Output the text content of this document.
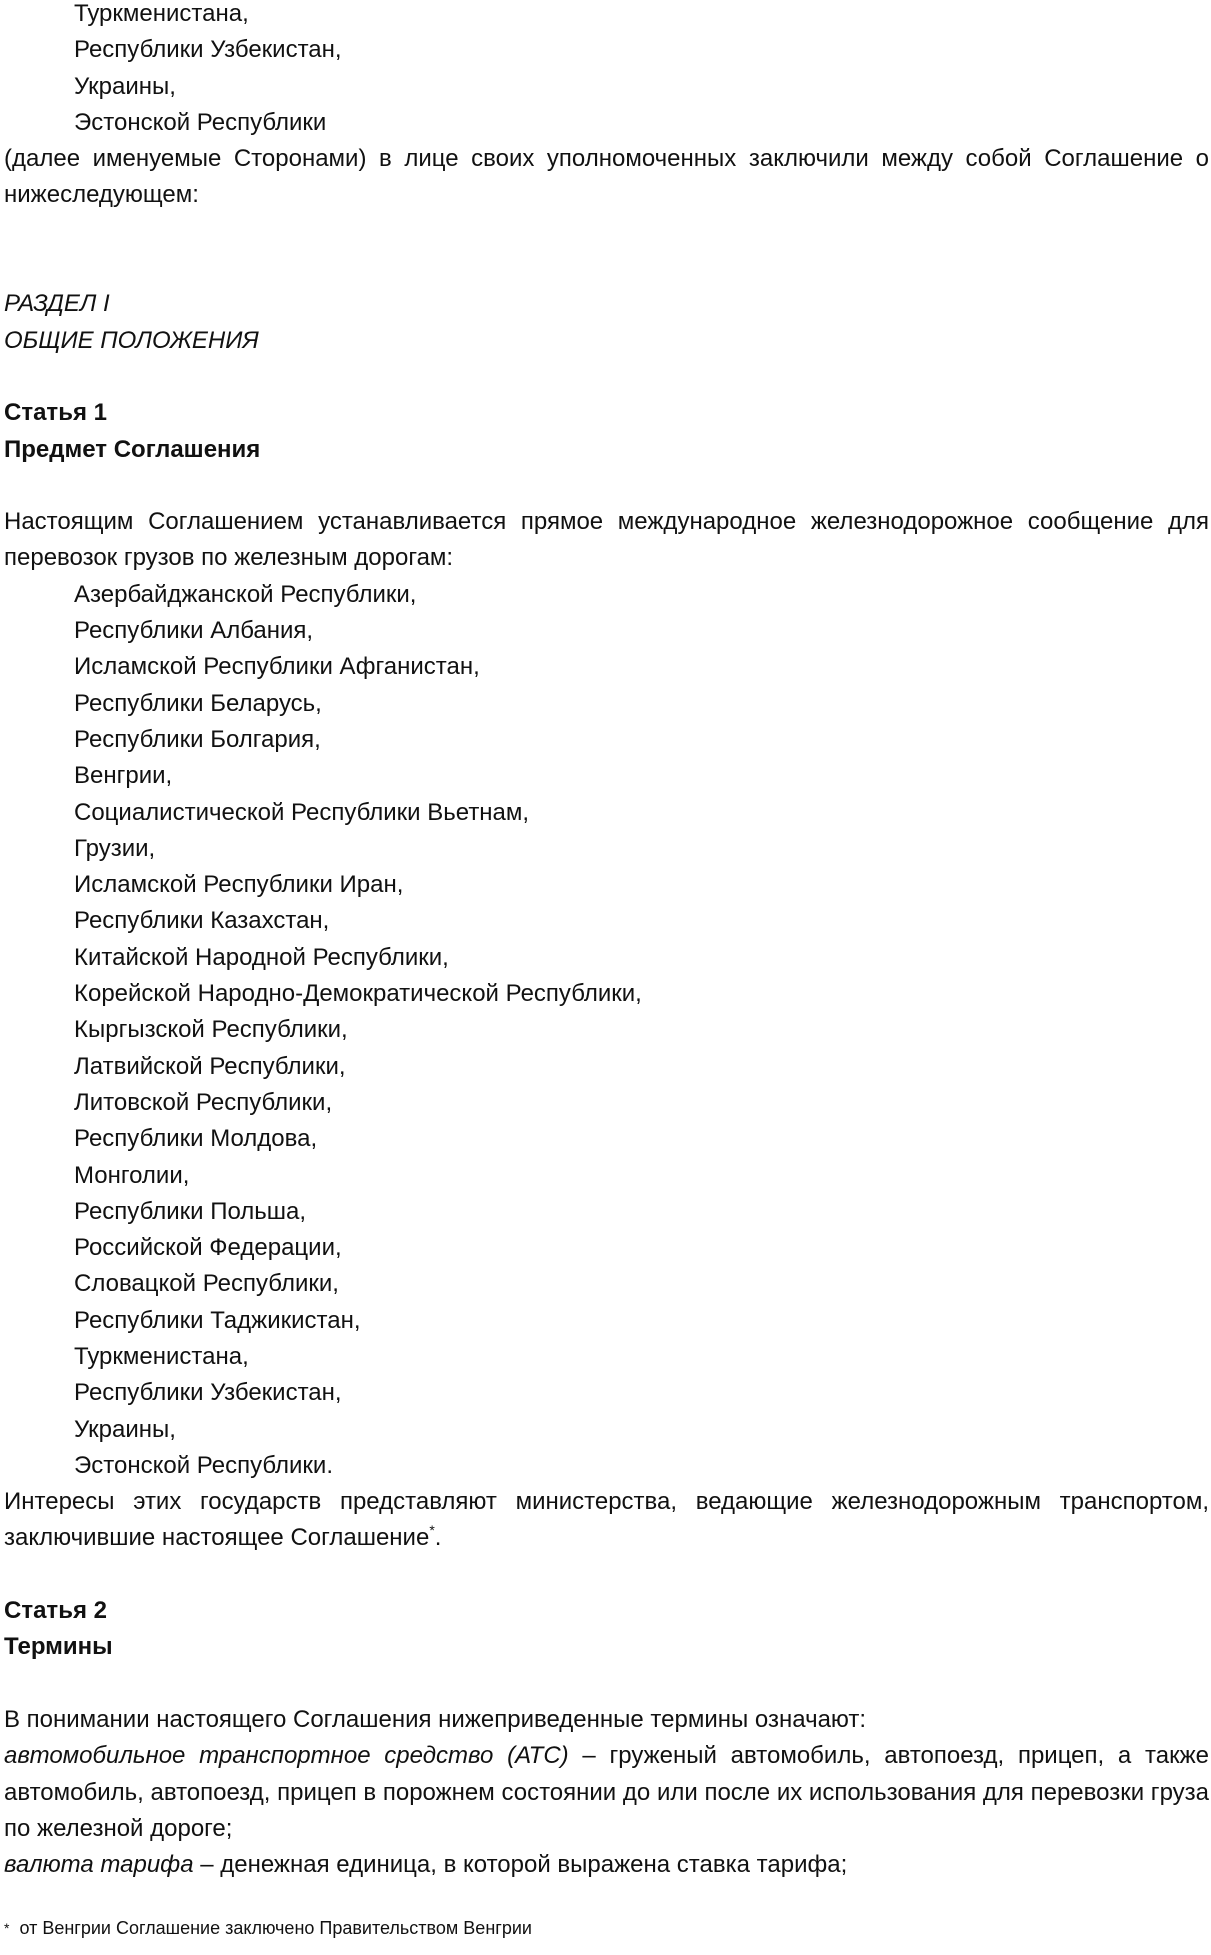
Туркменистана,
Республики Узбекистан,
Украины,
Эстонской Республики
(далее именуемые Сторонами) в лице своих уполномоченных заключили между собой Соглашение о
нижеследующем:
РАЗДЕЛ I
ОБЩИЕ ПОЛОЖЕНИЯ
Статья 1
Предмет Соглашения
Настоящим Соглашением устанавливается прямое международное железнодорожное сообщение для
перевозок грузов по железным дорогам:
Азербайджанской Республики,
Республики Албания,
Исламской Республики Афганистан,
Республики Беларусь,
Республики Болгария,
Венгрии,
Социалистической Республики Вьетнам,
Грузии,
Исламской Республики Иран,
Республики Казахстан,
Китайской Народной Республики,
Корейской Народно-Демократической Республики,
Кыргызской Республики,
Латвийской Республики,
Литовской Республики,
Республики Молдова,
Монголии,
Республики Польша,
Российской Федерации,
Словацкой Республики,
Республики Таджикистан,
Туркменистана,
Республики Узбекистан,
Украины,
Эстонской Республики.
Интересы этих государств представляют министерства, ведающие железнодорожным транспортом,
заключившие настоящее Соглашение*.
Статья 2
Термины
В понимании настоящего Соглашения нижеприведенные термины означают:
автомобильное транспортное средство (АТС) – груженый автомобиль, автопоезд, прицеп, а также
автомобиль, автопоезд, прицеп в порожнем состоянии до или после их использования для перевозки груза
по железной дороге;
валюта тарифа – денежная единица, в которой выражена ставка тарифа;
* от Венгрии Соглашение заключено Правительством Венгрии
